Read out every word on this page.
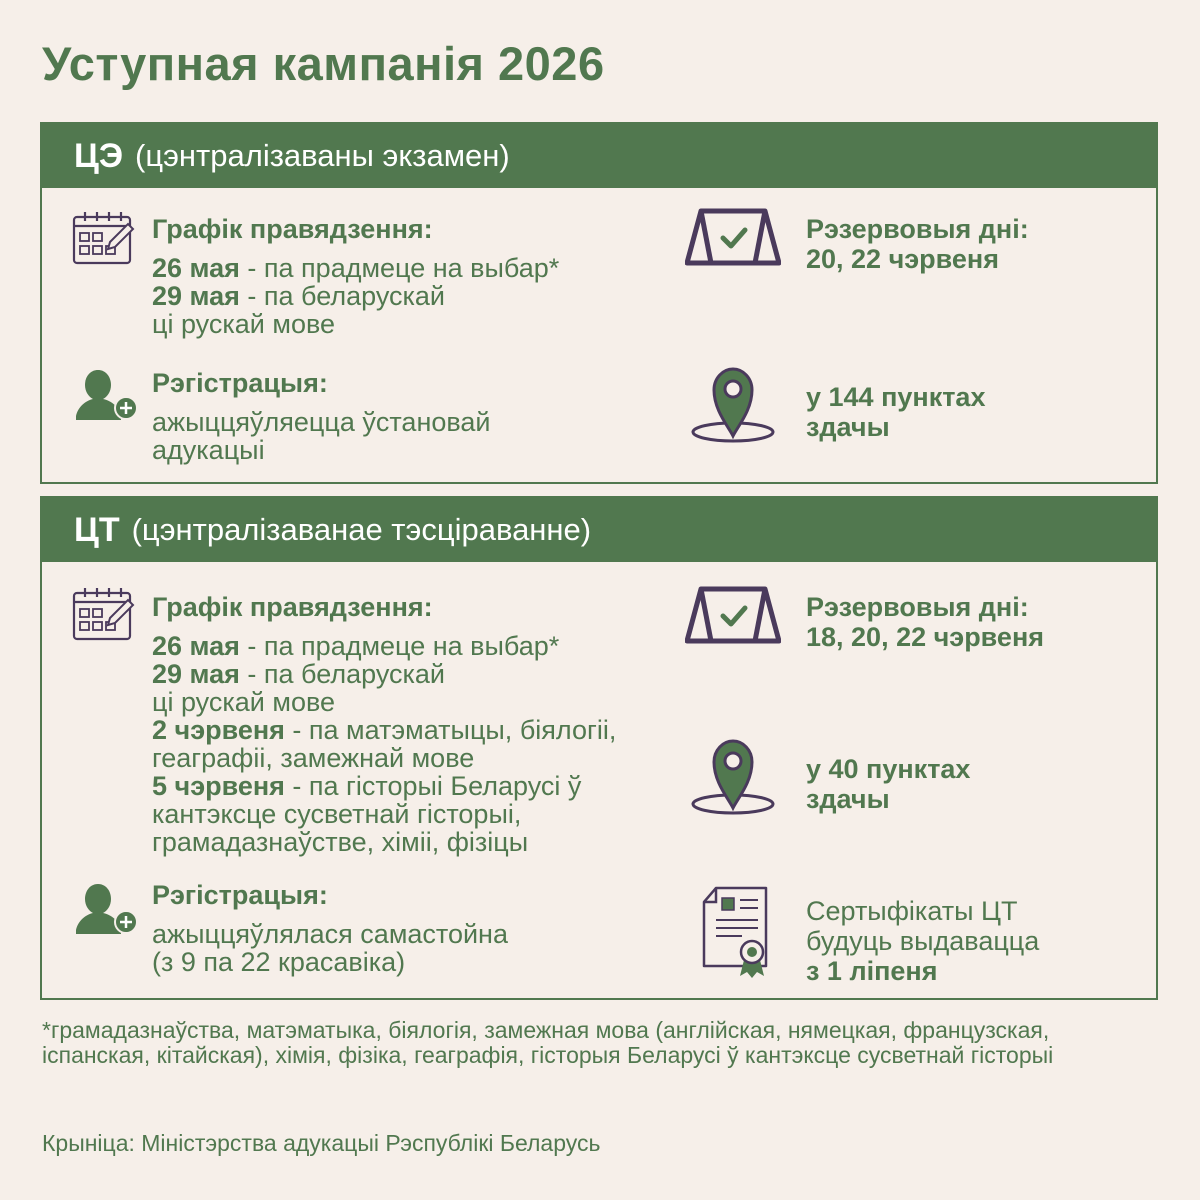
Уступная кампанія 2026
ЦЭ (цэнтралізаваны экзамен)
Графік правядзення:
26 мая - па прадмеце на выбар*
29 мая - па беларускай
ці рускай мове
Рэзервовыя дні:
20, 22 чэрвеня
Рэгістрацыя:
ажыццяўляецца ўстановай
адукацыі
у 144 пунктах
здачы
ЦТ (цэнтралізаванае тэсціраванне)
Графік правядзення:
26 мая - па прадмеце на выбар*
29 мая - па беларускай
ці рускай мове
2 чэрвеня - па матэматыцы, біялогіі,
геаграфіі, замежнай мове
5 чэрвеня - па гісторыі Беларусі ў
кантэксце сусветнай гісторыі,
грамадазнаўстве, хіміі, фізіцы
Рэзервовыя дні:
18, 20, 22 чэрвеня
у 40 пунктах
здачы
Рэгістрацыя:
ажыццяўлялася самастойна
(з 9 па 22 красавіка)
Сертыфікаты ЦТ
будуць выдавацца
з 1 ліпеня
*грамадазнаўства, матэматыка, біялогія, замежная мова (англійская, нямецкая, французская, іспанская, кітайская), хімія, фізіка, геаграфія, гісторыя Беларусі ў кантэксце сусветнай гісторыі
Крыніца: Міністэрства адукацыі Рэспублікі Беларусь
